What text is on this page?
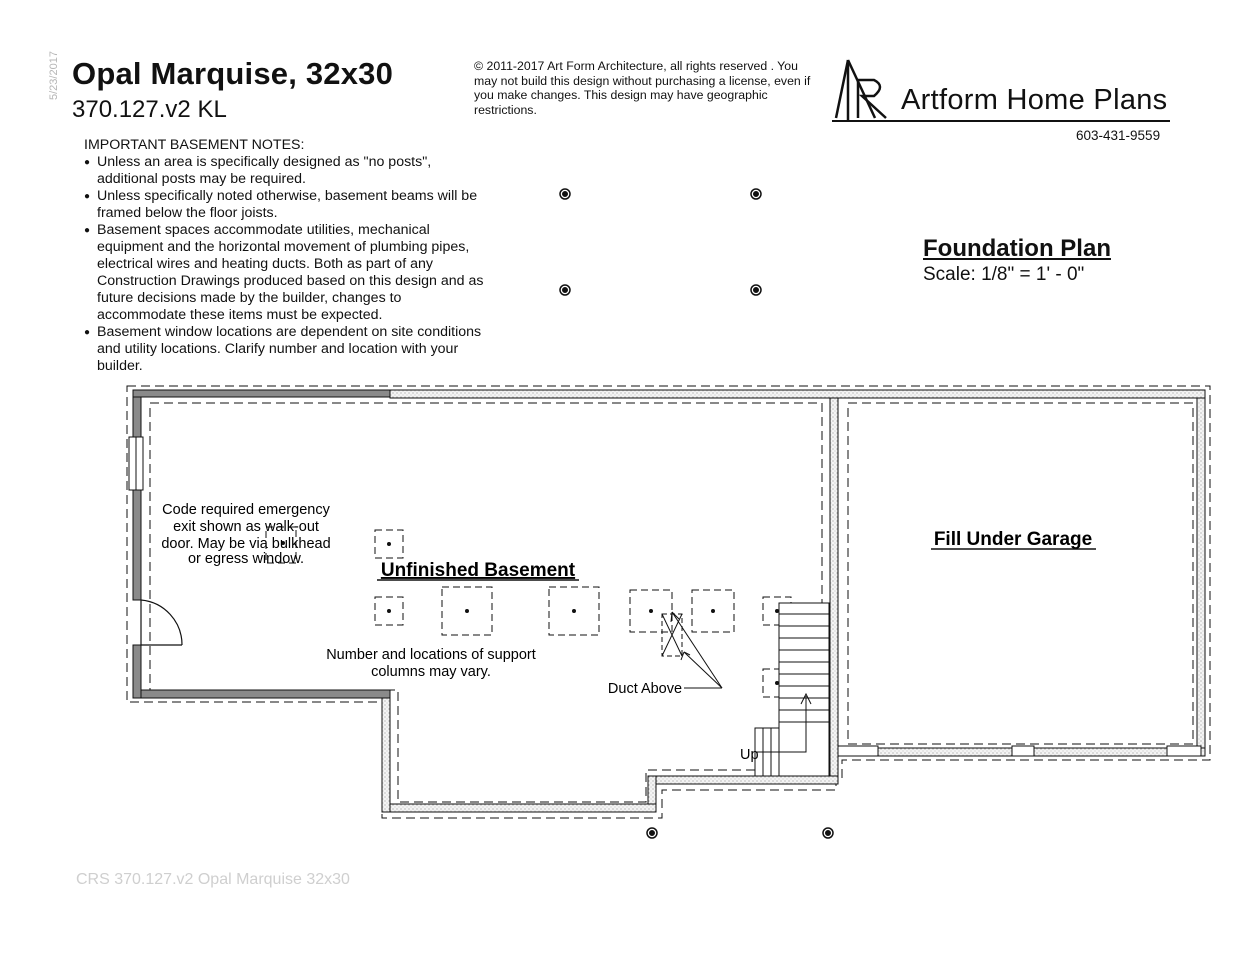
5/23/2017 Opal Marquise, 32x30
370.127.v2 KL
© 2011-2017 Art Form Architecture, all rights reserved . You may not build this design without purchasing a license, even if you make changes. This design may have geographic restrictions.

IMPORTANT BASEMENT NOTES:

● Unless an area is specifically designed as "no posts", additional posts may be required.
● Unless specifically noted otherwise, basement beams will be framed below the floor joists.
● Basement spaces accommodate utilities, mechanical equipment and the horizontal movement of plumbing pipes, electrical wires and heating ducts. Both as part of any Construction Drawings produced based on this design and as future decisions made by the builder, changes to accommodate these items must be expected.
● Basement window locations are dependent on site conditions and utility locations. Clarify number and location with your builder.
Artform Home Plans
603-431-9559
Foundation Plan
Scale: 1/8" = 1' - 0"
CRS 370.127.v2 Opal Marquise 32x30
Unfinished Basement
Fill Under Garage
Code required emergency
exit shown as walk-out
door. May be via bulkhead
or egress window.
Number and locations of support
columns may vary.
Duct Above
Up
